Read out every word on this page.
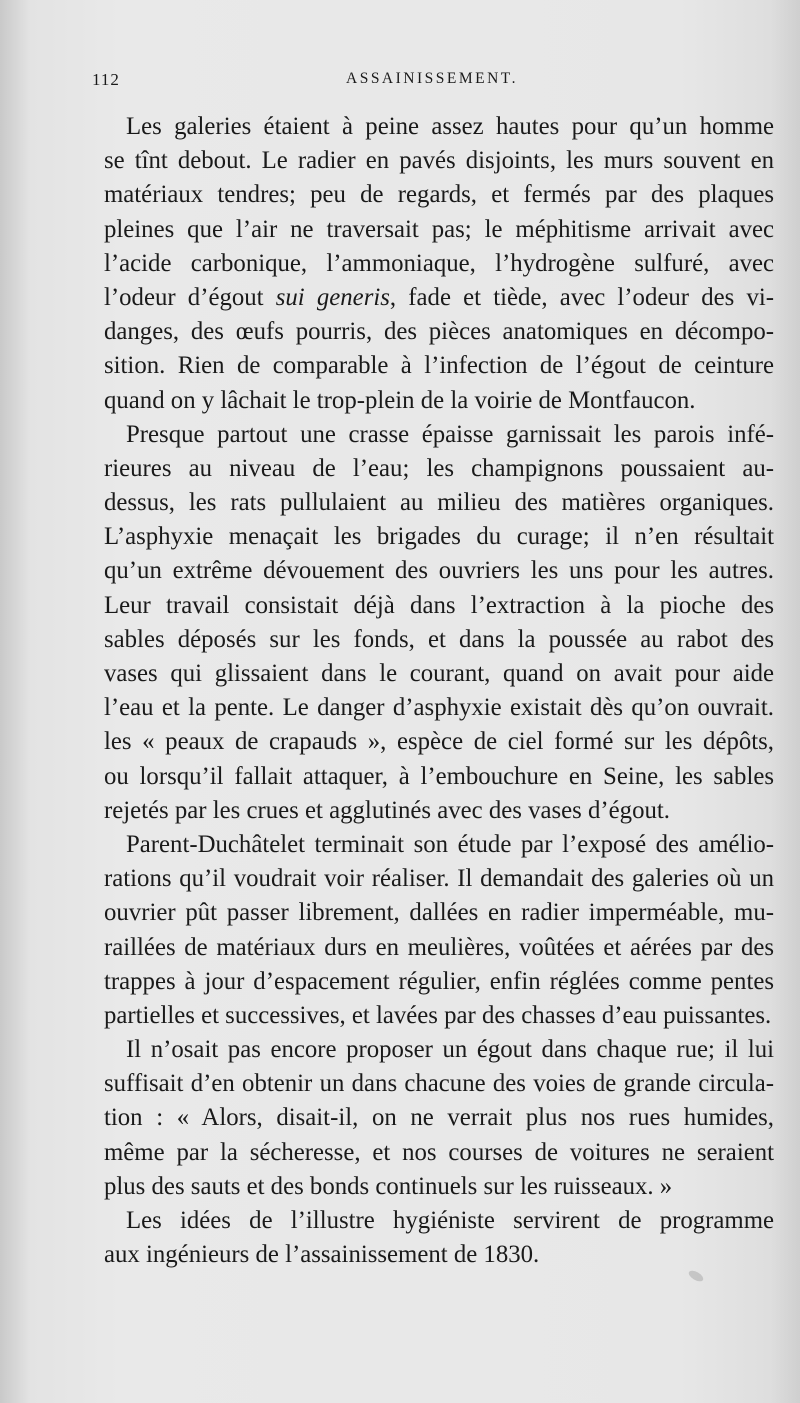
112	ASSAINISSEMENT.
Les galeries étaient à peine assez hautes pour qu’un homme
se tînt debout. Le radier en pavés disjoints, les murs souvent en
matériaux tendres; peu de regards, et fermés par des plaques
pleines que l’air ne traversait pas; le méphitisme arrivait avec
l’acide carbonique, l’ammoniaque, l’hydrogène sulfuré, avec
l’odeur d’égout sui generis, fade et tiède, avec l’odeur des vi-
danges, des œufs pourris, des pièces anatomiques en décompo-
sition. Rien de comparable à l’infection de l’égout de ceinture
quand on y lâchait le trop-plein de la voirie de Montfaucon.
Presque partout une crasse épaisse garnissait les parois infé-
rieures au niveau de l’eau; les champignons poussaient au-
dessus, les rats pullulaient au milieu des matières organiques.
L’asphyxie menaçait les brigades du curage; il n’en résultait
qu’un extrême dévouement des ouvriers les uns pour les autres.
Leur travail consistait déjà dans l’extraction à la pioche des
sables déposés sur les fonds, et dans la poussée au rabot des
vases qui glissaient dans le courant, quand on avait pour aide
l’eau et la pente. Le danger d’asphyxie existait dès qu’on ouvrait.
les « peaux de crapauds », espèce de ciel formé sur les dépôts,
ou lorsqu’il fallait attaquer, à l’embouchure en Seine, les sables
rejetés par les crues et agglutinés avec des vases d’égout.
Parent-Duchâtelet terminait son étude par l’exposé des amélio-
rations qu’il voudrait voir réaliser. Il demandait des galeries où un
ouvrier pût passer librement, dallées en radier imperméable, mu-
raillées de matériaux durs en meulières, voûtées et aérées par des
trappes à jour d’espacement régulier, enfin réglées comme pentes
partielles et successives, et lavées par des chasses d’eau puissantes.
Il n’osait pas encore proposer un égout dans chaque rue; il lui
suffisait d’en obtenir un dans chacune des voies de grande circula-
tion : « Alors, disait-il, on ne verrait plus nos rues humides,
même par la sécheresse, et nos courses de voitures ne seraient
plus des sauts et des bonds continuels sur les ruisseaux. »
Les idées de l’illustre hygiéniste servirent de programme
aux ingénieurs de l’assainissement de 1830.
